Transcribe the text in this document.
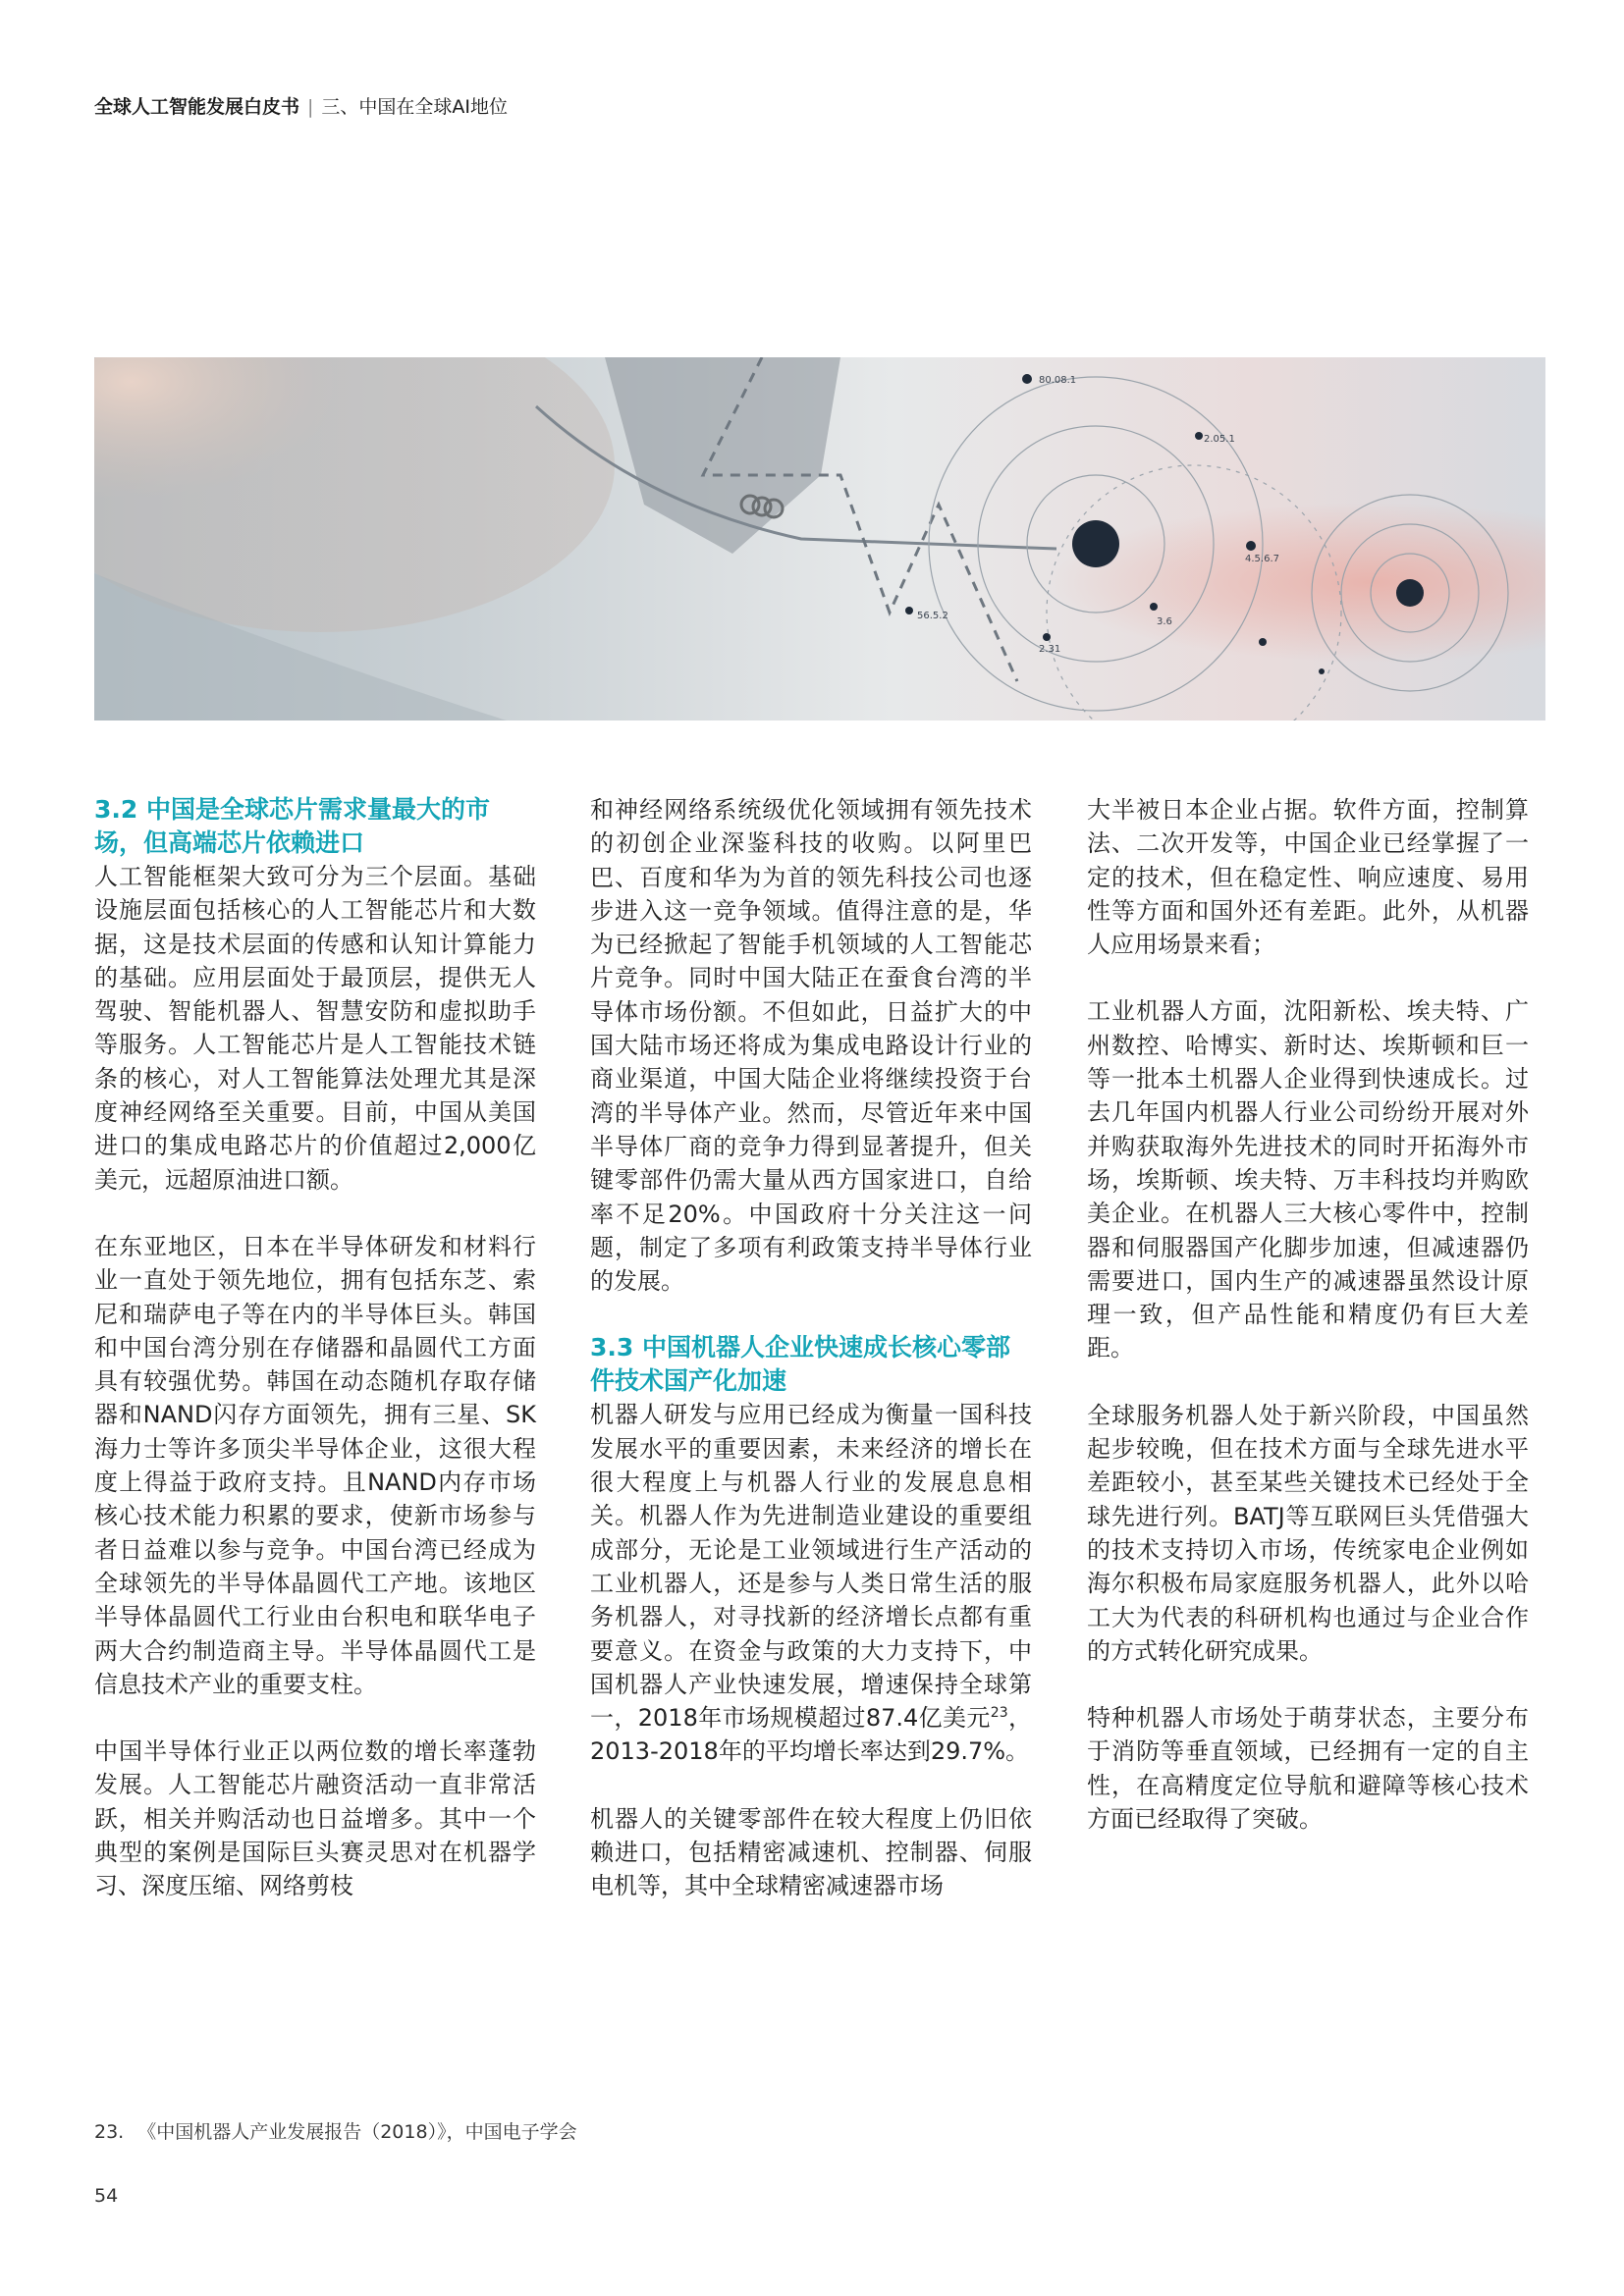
全球人工智能发展白皮书 | 三、中国在全球AI地位
80.08.1
2.05.1
4.5.6.7
3.6
56.5.2
2.31
3.2 中国是全球芯片需求量最大的市场，但高端芯片依赖进口

人工智能框架大致可分为三个层面。基础设施层面包括核心的人工智能芯片和大数据，这是技术层面的传感和认知计算能力的基础。应用层面处于最顶层，提供无人驾驶、智能机器人、智慧安防和虚拟助手等服务。人工智能芯片是人工智能技术链条的核心，对人工智能算法处理尤其是深度神经网络至关重要。目前，中国从美国进口的集成电路芯片的价值超过2,000亿美元，远超原油进口额。

在东亚地区，日本在半导体研发和材料行业一直处于领先地位，拥有包括东芝、索尼和瑞萨电子等在内的半导体巨头。韩国和中国台湾分别在存储器和晶圆代工方面具有较强优势。韩国在动态随机存取存储器和NAND闪存方面领先，拥有三星、SK海力士等许多顶尖半导体企业，这很大程度上得益于政府支持。且NAND内存市场核心技术能力积累的要求，使新市场参与者日益难以参与竞争。中国台湾已经成为全球领先的半导体晶圆代工产地。该地区半导体晶圆代工行业由台积电和联华电子两大合约制造商主导。半导体晶圆代工是信息技术产业的重要支柱。

中国半导体行业正以两位数的增长率蓬勃发展。人工智能芯片融资活动一直非常活跃，相关并购活动也日益增多。其中一个典型的案例是国际巨头赛灵思对在机器学习、深度压缩、网络剪枝

和神经网络系统级优化领域拥有领先技术的初创企业深鉴科技的收购。以阿里巴巴、百度和华为为首的领先科技公司也逐步进入这一竞争领域。值得注意的是，华为已经掀起了智能手机领域的人工智能芯片竞争。同时中国大陆正在蚕食台湾的半导体市场份额。不但如此，日益扩大的中国大陆市场还将成为集成电路设计行业的商业渠道，中国大陆企业将继续投资于台湾的半导体产业。然而，尽管近年来中国半导体厂商的竞争力得到显著提升，但关键零部件仍需大量从西方国家进口，自给率不足20%。中国政府十分关注这一问题，制定了多项有利政策支持半导体行业的发展。

3.3 中国机器人企业快速成长核心零部件技术国产化加速

机器人研发与应用已经成为衡量一国科技发展水平的重要因素，未来经济的增长在很大程度上与机器人行业的发展息息相关。机器人作为先进制造业建设的重要组成部分，无论是工业领域进行生产活动的工业机器人，还是参与人类日常生活的服务机器人，对寻找新的经济增长点都有重要意义。在资金与政策的大力支持下，中国机器人产业快速发展，增速保持全球第一，2018年市场规模超过87.4亿美元$^{23}$，2013-2018年的平均增长率达到29.7%。

机器人的关键零部件在较大程度上仍旧依赖进口，包括精密减速机、控制器、伺服电机等，其中全球精密减速器市场

大半被日本企业占据。软件方面，控制算法、二次开发等，中国企业已经掌握了一定的技术，但在稳定性、响应速度、易用性等方面和国外还有差距。此外，从机器人应用场景来看；

工业机器人方面，沈阳新松、埃夫特、广州数控、哈博实、新时达、埃斯顿和巨一等一批本土机器人企业得到快速成长。过去几年国内机器人行业公司纷纷开展对外并购获取海外先进技术的同时开拓海外市场，埃斯顿、埃夫特、万丰科技均并购欧美企业。在机器人三大核心零件中，控制器和伺服器国产化脚步加速，但减速器仍需要进口，国内生产的减速器虽然设计原理一致，但产品性能和精度仍有巨大差距。

全球服务机器人处于新兴阶段，中国虽然起步较晚，但在技术方面与全球先进水平差距较小，甚至某些关键技术已经处于全球先进行列。BATJ等互联网巨头凭借强大的技术支持切入市场，传统家电企业例如海尔积极布局家庭服务机器人，此外以哈工大为代表的科研机构也通过与企业合作的方式转化研究成果。

特种机器人市场处于萌芽状态，主要分布于消防等垂直领域，已经拥有一定的自主性，在高精度定位导航和避障等核心技术方面已经取得了突破。

23. 《中国机器人产业发展报告（2018）》，中国电子学会
54
